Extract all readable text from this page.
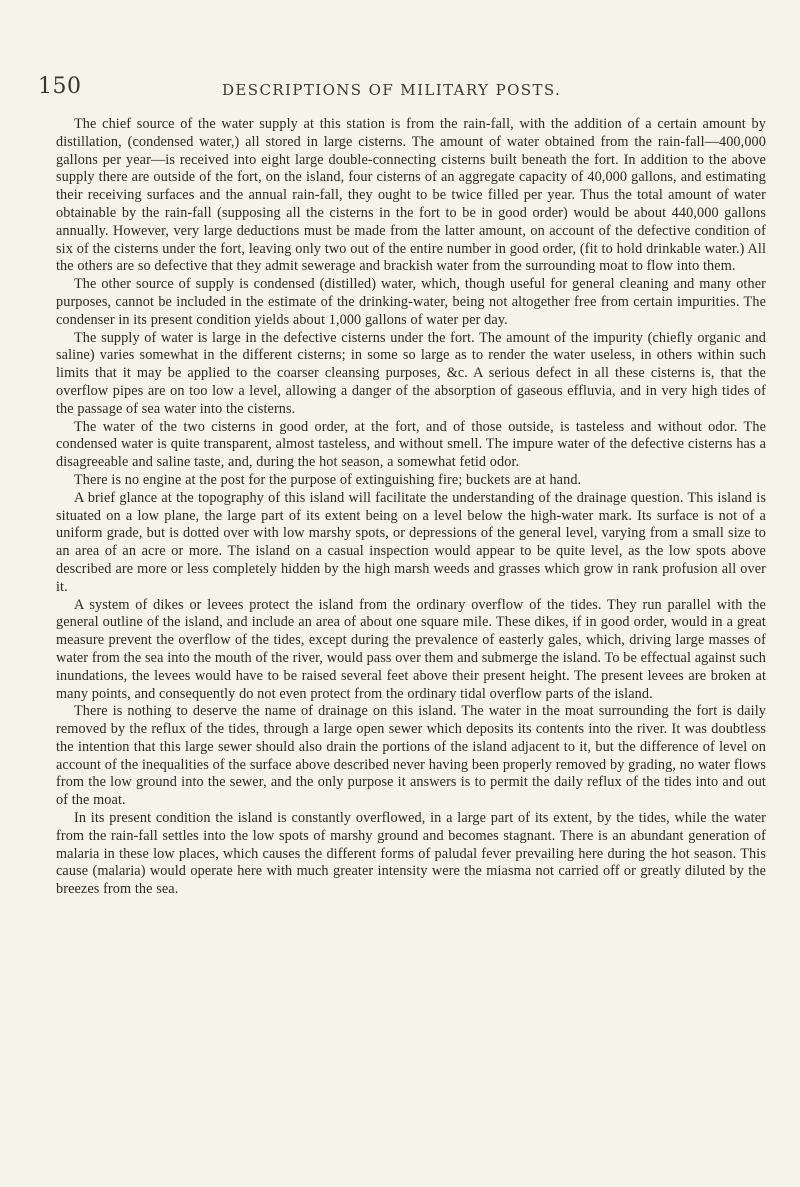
150	DESCRIPTIONS OF MILITARY POSTS.

The chief source of the water supply at this station is from the rain-fall, with the addition of a certain amount by distillation, (condensed water,) all stored in large cisterns. The amount of water obtained from the rain-fall—400,000 gallons per year—is received into eight large double-connecting cisterns built beneath the fort. In addition to the above supply there are outside of the fort, on the island, four cisterns of an aggregate capacity of 40,000 gallons, and estimating their receiving surfaces and the annual rain-fall, they ought to be twice filled per year. Thus the total amount of water obtainable by the rain-fall (supposing all the cisterns in the fort to be in good order) would be about 440,000 gallons annually. However, very large deductions must be made from the latter amount, on account of the defective condition of six of the cisterns under the fort, leaving only two out of the entire number in good order, (fit to hold drinkable water.) All the others are so defective that they admit sewerage and brackish water from the surrounding moat to flow into them.

The other source of supply is condensed (distilled) water, which, though useful for general cleaning and many other purposes, cannot be included in the estimate of the drinking-water, being not altogether free from certain impurities. The condenser in its present condition yields about 1,000 gallons of water per day.

The supply of water is large in the defective cisterns under the fort. The amount of the impurity (chiefly organic and saline) varies somewhat in the different cisterns; in some so large as to render the water useless, in others within such limits that it may be applied to the coarser cleansing purposes, &c. A serious defect in all these cisterns is, that the overflow pipes are on too low a level, allowing a danger of the absorption of gaseous effluvia, and in very high tides of the passage of sea water into the cisterns.

The water of the two cisterns in good order, at the fort, and of those outside, is tasteless and without odor. The condensed water is quite transparent, almost tasteless, and without smell. The impure water of the defective cisterns has a disagreeable and saline taste, and, during the hot season, a somewhat fetid odor.

There is no engine at the post for the purpose of extinguishing fire; buckets are at hand.

A brief glance at the topography of this island will facilitate the understanding of the drainage question. This island is situated on a low plane, the large part of its extent being on a level below the high-water mark. Its surface is not of a uniform grade, but is dotted over with low marshy spots, or depressions of the general level, varying from a small size to an area of an acre or more. The island on a casual inspection would appear to be quite level, as the low spots above described are more or less completely hidden by the high marsh weeds and grasses which grow in rank profusion all over it.

A system of dikes or levees protect the island from the ordinary overflow of the tides. They run parallel with the general outline of the island, and include an area of about one square mile. These dikes, if in good order, would in a great measure prevent the overflow of the tides, except during the prevalence of easterly gales, which, driving large masses of water from the sea into the mouth of the river, would pass over them and submerge the island. To be effectual against such inundations, the levees would have to be raised several feet above their present height. The present levees are broken at many points, and consequently do not even protect from the ordinary tidal overflow parts of the island.

There is nothing to deserve the name of drainage on this island. The water in the moat surrounding the fort is daily removed by the reflux of the tides, through a large open sewer which deposits its contents into the river. It was doubtless the intention that this large sewer should also drain the portions of the island adjacent to it, but the difference of level on account of the inequalities of the surface above described never having been properly removed by grading, no water flows from the low ground into the sewer, and the only purpose it answers is to permit the daily reflux of the tides into and out of the moat.

In its present condition the island is constantly overflowed, in a large part of its extent, by the tides, while the water from the rain-fall settles into the low spots of marshy ground and becomes stagnant. There is an abundant generation of malaria in these low places, which causes the different forms of paludal fever prevailing here during the hot season. This cause (malaria) would operate here with much greater intensity were the miasma not carried off or greatly diluted by the breezes from the sea.
